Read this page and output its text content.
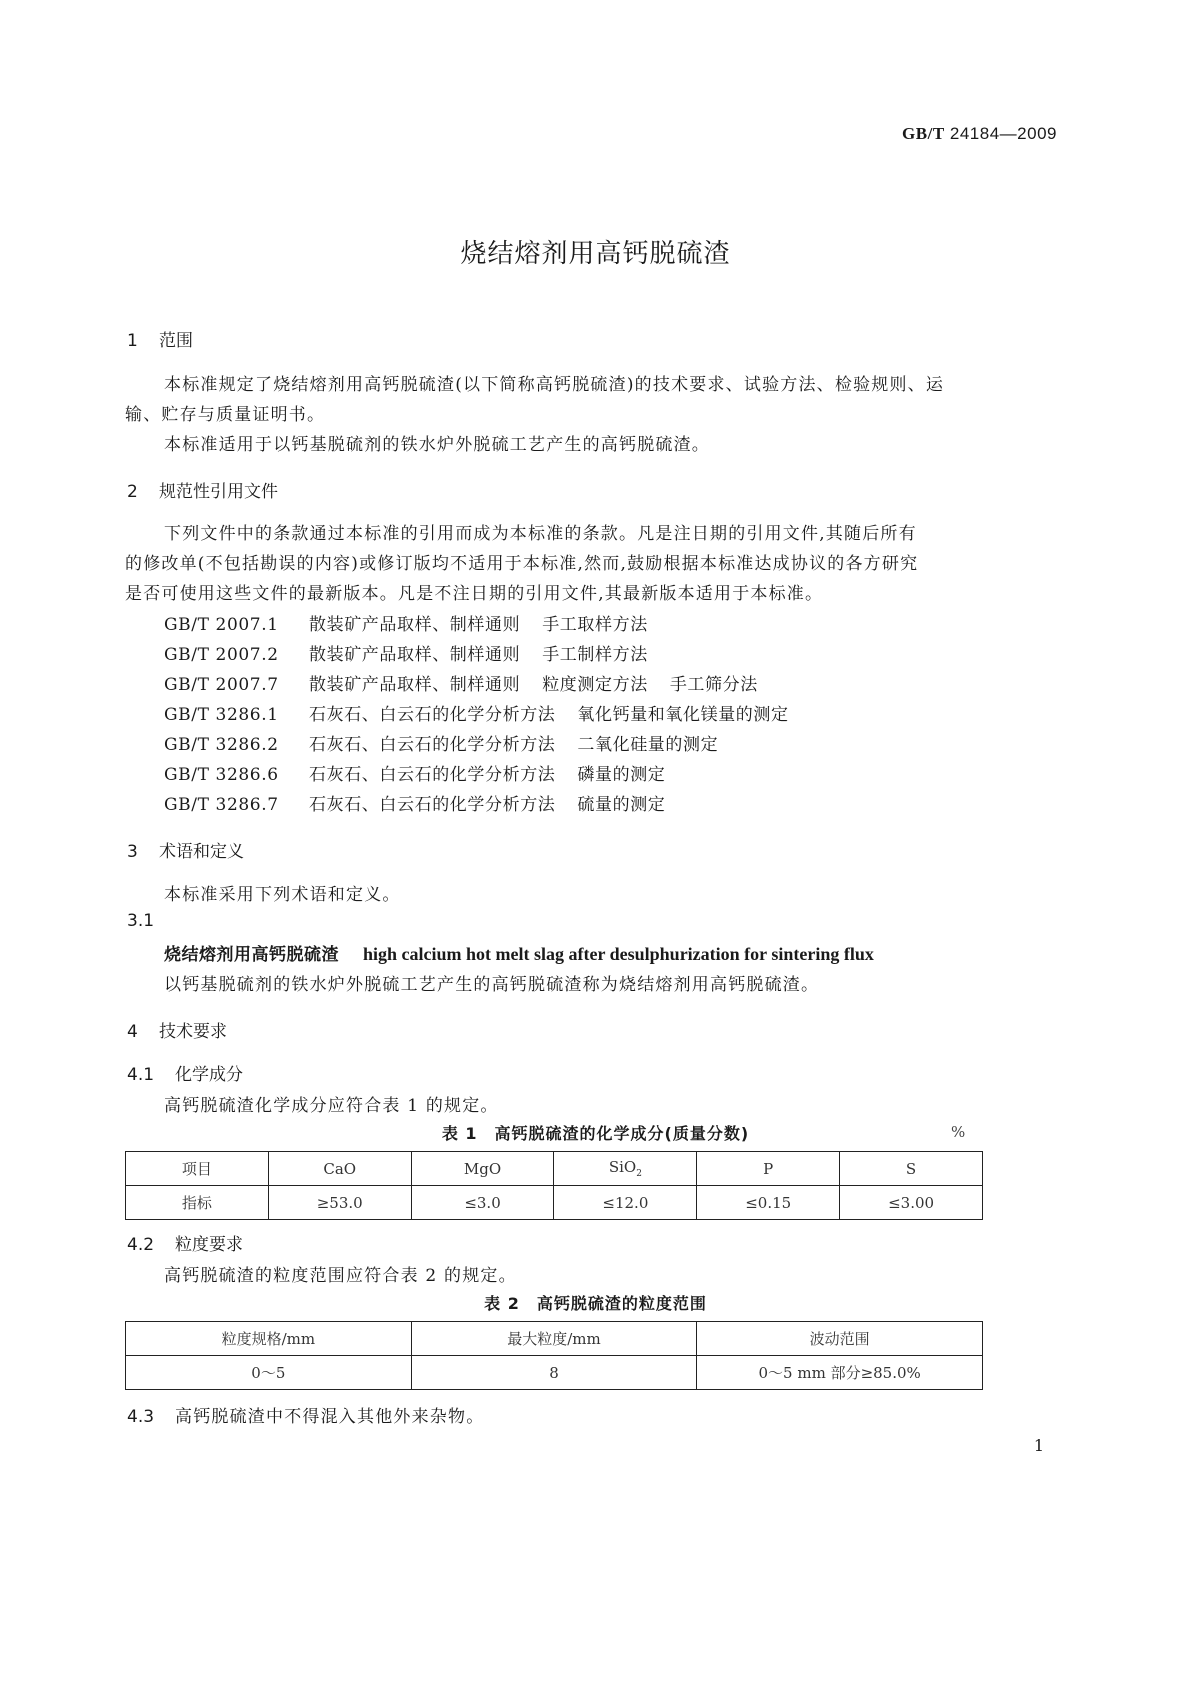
GB/T 24184—2009
烧结熔剂用高钙脱硫渣
1 范围
本标准规定了烧结熔剂用高钙脱硫渣(以下简称高钙脱硫渣)的技术要求、试验方法、检验规则、运
输、贮存与质量证明书。
本标准适用于以钙基脱硫剂的铁水炉外脱硫工艺产生的高钙脱硫渣。
2 规范性引用文件
下列文件中的条款通过本标准的引用而成为本标准的条款。凡是注日期的引用文件,其随后所有
的修改单(不包括勘误的内容)或修订版均不适用于本标准,然而,鼓励根据本标准达成协议的各方研究
是否可使用这些文件的最新版本。凡是不注日期的引用文件,其最新版本适用于本标准。
GB/T 2007.1 散装矿产品取样、制样通则 手工取样方法
GB/T 2007.2 散装矿产品取样、制样通则 手工制样方法
GB/T 2007.7 散装矿产品取样、制样通则 粒度测定方法 手工筛分法
GB/T 3286.1 石灰石、白云石的化学分析方法 氧化钙量和氧化镁量的测定
GB/T 3286.2 石灰石、白云石的化学分析方法 二氧化硅量的测定
GB/T 3286.6 石灰石、白云石的化学分析方法 磷量的测定
GB/T 3286.7 石灰石、白云石的化学分析方法 硫量的测定
3 术语和定义
本标准采用下列术语和定义。
3.1
烧结熔剂用高钙脱硫渣 high calcium hot melt slag after desulphurization for sintering flux
以钙基脱硫剂的铁水炉外脱硫工艺产生的高钙脱硫渣称为烧结熔剂用高钙脱硫渣。
4 技术要求
4.1 化学成分
高钙脱硫渣化学成分应符合表 1 的规定。
表 1　高钙脱硫渣的化学成分(质量分数)	%
项目	CaO	MgO	SiO$_2$	P	S
指标	≥53.0	≤3.0	≤12.0	≤0.15	≤3.00
4.2 粒度要求
高钙脱硫渣的粒度范围应符合表 2 的规定。
表 2　高钙脱硫渣的粒度范围
粒度规格/mm	最大粒度/mm	波动范围
0～5	8	0～5 mm 部分≥85.0%
4.3 高钙脱硫渣中不得混入其他外来杂物。
1
